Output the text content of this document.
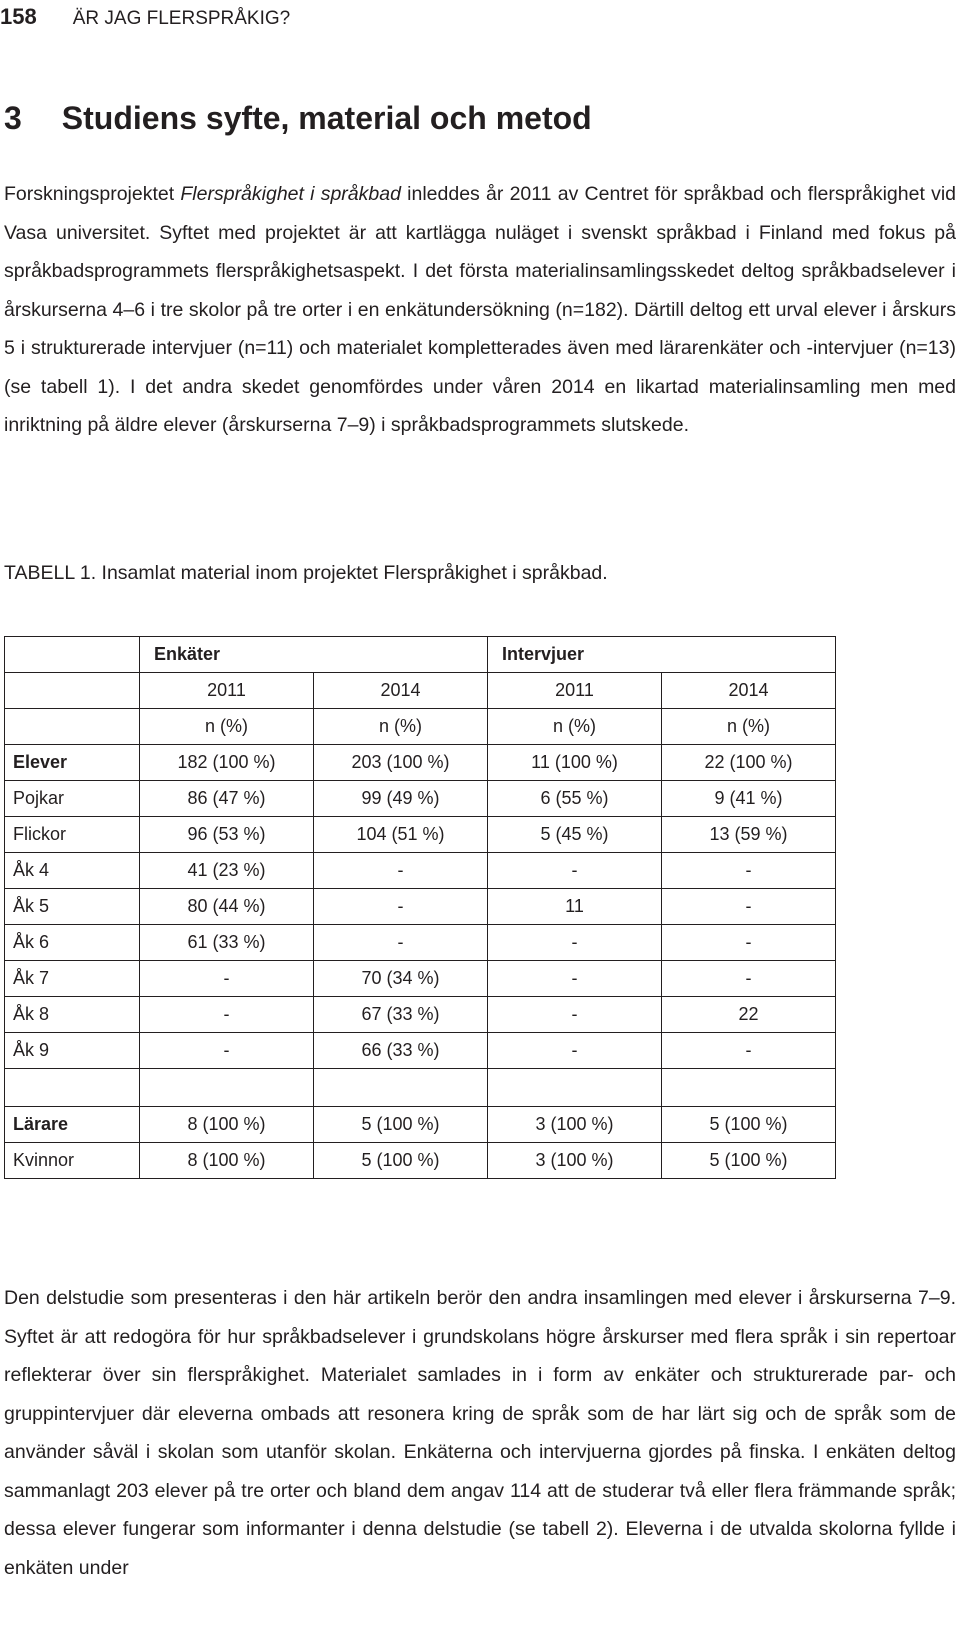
158 ÄR JAG FLERSPRÅKIG?
3 Studiens syfte, material och metod

Forskningsprojektet Flerspråkighet i språkbad inleddes år 2011 av Centret för språkbad och flerspråkighet vid Vasa universitet. Syftet med projektet är att kartlägga nuläget i svenskt språkbad i Finland med fokus på språkbadsprogrammets flerspråkighetsaspekt. I det första materialinsamlingsskedet deltog språkbadselever i årskurserna 4–6 i tre skolor på tre orter i en enkätundersökning (n=182). Därtill deltog ett urval elever i årskurs 5 i strukturerade intervjuer (n=11) och materialet kompletterades även med lärarenkäter och -intervjuer (n=13) (se tabell 1). I det andra skedet genomfördes under våren 2014 en likartad materialinsamling men med inriktning på äldre elever (årskurserna 7–9) i språkbadsprogrammets slutskede.

TABELL 1. Insamlat material inom projektet Flerspråkighet i språkbad.

	Enkäter		Intervjuer	
	2011	2014	2011	2014
	n (%)	n (%)	n (%)	n (%)
Elever	182 (100 %)	203 (100 %)	11 (100 %)	22 (100 %)
Pojkar	86 (47 %)	99 (49 %)	6 (55 %)	9 (41 %)
Flickor	96 (53 %)	104 (51 %)	5 (45 %)	13 (59 %)
Åk 4	41 (23 %)	-	-	-
Åk 5	80 (44 %)	-	11	-
Åk 6	61 (33 %)	-	-	-
Åk 7	-	70 (34 %)	-	-
Åk 8	-	67 (33 %)	-	22
Åk 9	-	66 (33 %)	-	-

Lärare	8 (100 %)	5 (100 %)	3 (100 %)	5 (100 %)
Kvinnor	8 (100 %)	5 (100 %)	3 (100 %)	5 (100 %)

Den delstudie som presenteras i den här artikeln berör den andra insamlingen med elever i årskurserna 7–9. Syftet är att redogöra för hur språkbadselever i grundskolans högre årskurser med flera språk i sin repertoar reflekterar över sin flerspråkighet. Materialet samlades in i form av enkäter och strukturerade par- och gruppintervjuer där eleverna ombads att resonera kring de språk som de har lärt sig och de språk som de använder såväl i skolan som utanför skolan. Enkäterna och intervjuerna gjordes på finska. I enkäten deltog sammanlagt 203 elever på tre orter och bland dem angav 114 att de studerar två eller flera främmande språk; dessa elever fungerar som informanter i denna delstudie (se tabell 2). Eleverna i de utvalda skolorna fyllde i enkäten under
